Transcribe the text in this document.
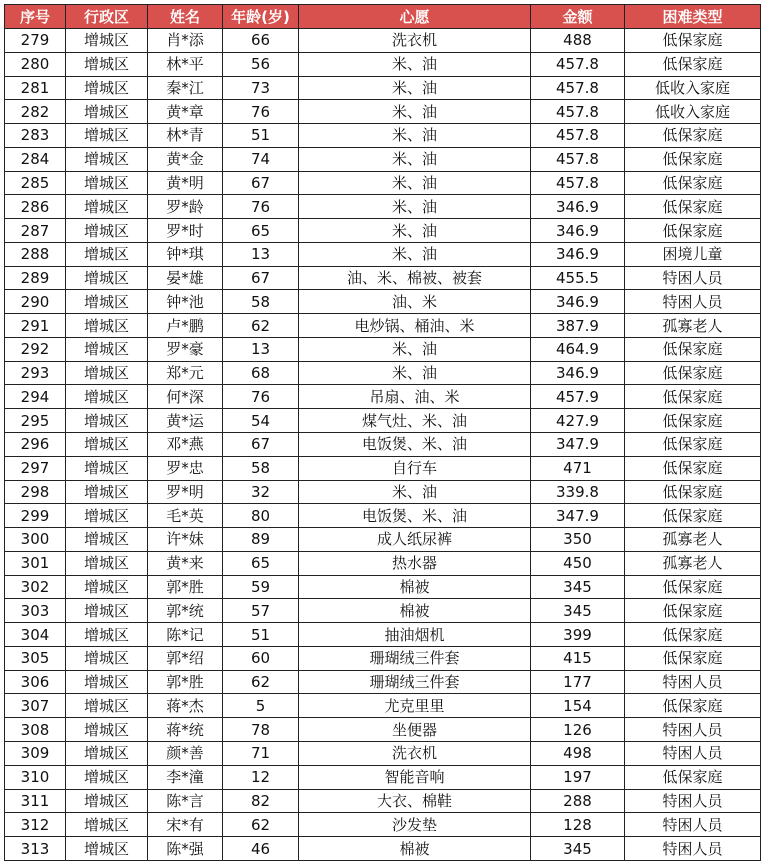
序号	行政区	姓名	年龄(岁)	心愿	金额	困难类型
279	增城区	肖*添	66	洗衣机	488	低保家庭
280	增城区	林*平	56	米、油	457.8	低保家庭
281	增城区	秦*江	73	米、油	457.8	低收入家庭
282	增城区	黄*章	76	米、油	457.8	低收入家庭
283	增城区	林*青	51	米、油	457.8	低保家庭
284	增城区	黄*金	74	米、油	457.8	低保家庭
285	增城区	黄*明	67	米、油	457.8	低保家庭
286	增城区	罗*龄	76	米、油	346.9	低保家庭
287	增城区	罗*时	65	米、油	346.9	低保家庭
288	增城区	钟*琪	13	米、油	346.9	困境儿童
289	增城区	晏*雄	67	油、米、棉被、被套	455.5	特困人员
290	增城区	钟*池	58	油、米	346.9	特困人员
291	增城区	卢*鹏	62	电炒锅、桶油、米	387.9	孤寡老人
292	增城区	罗*豪	13	米、油	464.9	低保家庭
293	增城区	郑*元	68	米、油	346.9	低保家庭
294	增城区	何*深	76	吊扇、油、米	457.9	低保家庭
295	增城区	黄*运	54	煤气灶、米、油	427.9	低保家庭
296	增城区	邓*燕	67	电饭煲、米、油	347.9	低保家庭
297	增城区	罗*忠	58	自行车	471	低保家庭
298	增城区	罗*明	32	米、油	339.8	低保家庭
299	增城区	毛*英	80	电饭煲、米、油	347.9	低保家庭
300	增城区	许*妹	89	成人纸尿裤	350	孤寡老人
301	增城区	黄*来	65	热水器	450	孤寡老人
302	增城区	郭*胜	59	棉被	345	低保家庭
303	增城区	郭*统	57	棉被	345	低保家庭
304	增城区	陈*记	51	抽油烟机	399	低保家庭
305	增城区	郭*绍	60	珊瑚绒三件套	415	低保家庭
306	增城区	郭*胜	62	珊瑚绒三件套	177	特困人员
307	增城区	蒋*杰	5	尤克里里	154	低保家庭
308	增城区	蒋*统	78	坐便器	126	特困人员
309	增城区	颜*善	71	洗衣机	498	特困人员
310	增城区	李*潼	12	智能音响	197	低保家庭
311	增城区	陈*言	82	大衣、棉鞋	288	特困人员
312	增城区	宋*有	62	沙发垫	128	特困人员
313	增城区	陈*强	46	棉被	345	特困人员
